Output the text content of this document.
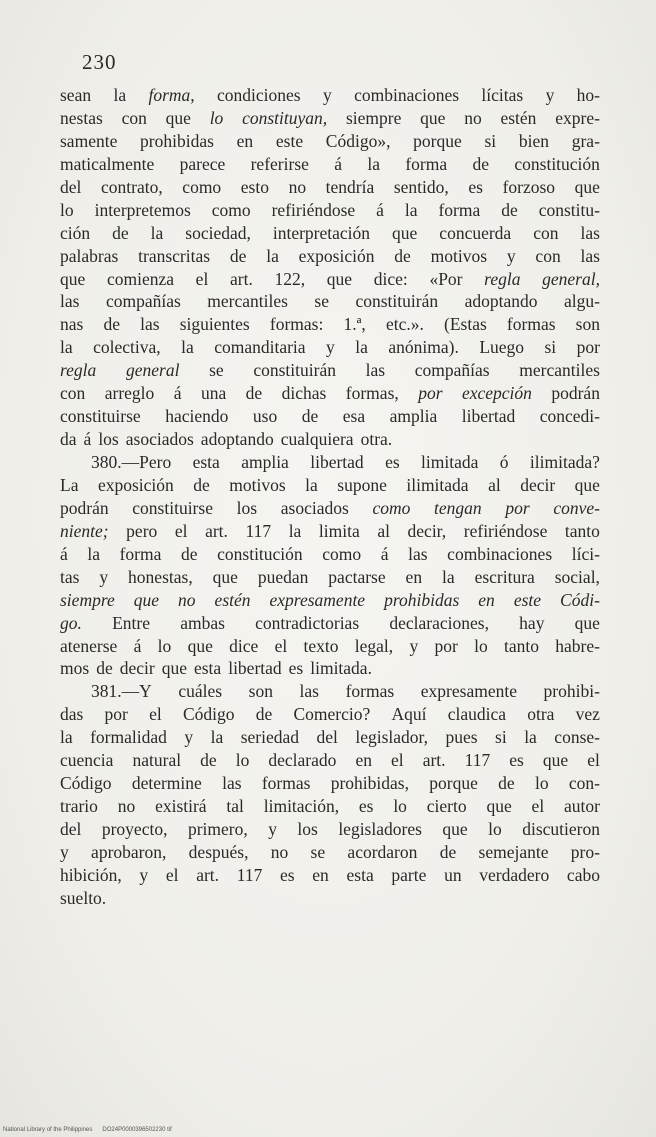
230
sean la forma, condiciones y combinaciones lícitas y ho-
nestas con que lo constituyan, siempre que no estén expre-
samente prohibidas en este Código», porque si bien gra-
maticalmente parece referirse á la forma de constitución
del contrato, como esto no tendría sentido, es forzoso que
lo interpretemos como refiriéndose á la forma de constitu-
ción de la sociedad, interpretación que concuerda con las
palabras transcritas de la exposición de motivos y con las
que comienza el art. 122, que dice: «Por regla general,
las compañías mercantiles se constituirán adoptando algu-
nas de las siguientes formas: 1.ª, etc.». (Estas formas son
la colectiva, la comanditaria y la anónima). Luego si por
regla general se constituirán las compañías mercantiles
con arreglo á una de dichas formas, por excepción podrán
constituirse haciendo uso de esa amplia libertad concedi-
da á los asociados adoptando cualquiera otra.
380.—Pero esta amplia libertad es limitada ó ilimitada?
La exposición de motivos la supone ilimitada al decir que
podrán constituirse los asociados como tengan por conve-
niente; pero el art. 117 la limita al decir, refiriéndose tanto
á la forma de constitución como á las combinaciones líci-
tas y honestas, que puedan pactarse en la escritura social,
siempre que no estén expresamente prohibidas en este Códi-
go. Entre ambas contradictorias declaraciones, hay que
atenerse á lo que dice el texto legal, y por lo tanto habre-
mos de decir que esta libertad es limitada.
381.—Y cuáles son las formas expresamente prohibi-
das por el Código de Comercio? Aquí claudica otra vez
la formalidad y la seriedad del legislador, pues si la conse-
cuencia natural de lo declarado en el art. 117 es que el
Código determine las formas prohibidas, porque de lo con-
trario no existirá tal limitación, es lo cierto que el autor
del proyecto, primero, y los legisladores que lo discutieron
y aprobaron, después, no se acordaron de semejante pro-
hibición, y el art. 117 es en esta parte un verdadero cabo
suelto.
National Library of the Philippines DO24P0000396502230 tif
